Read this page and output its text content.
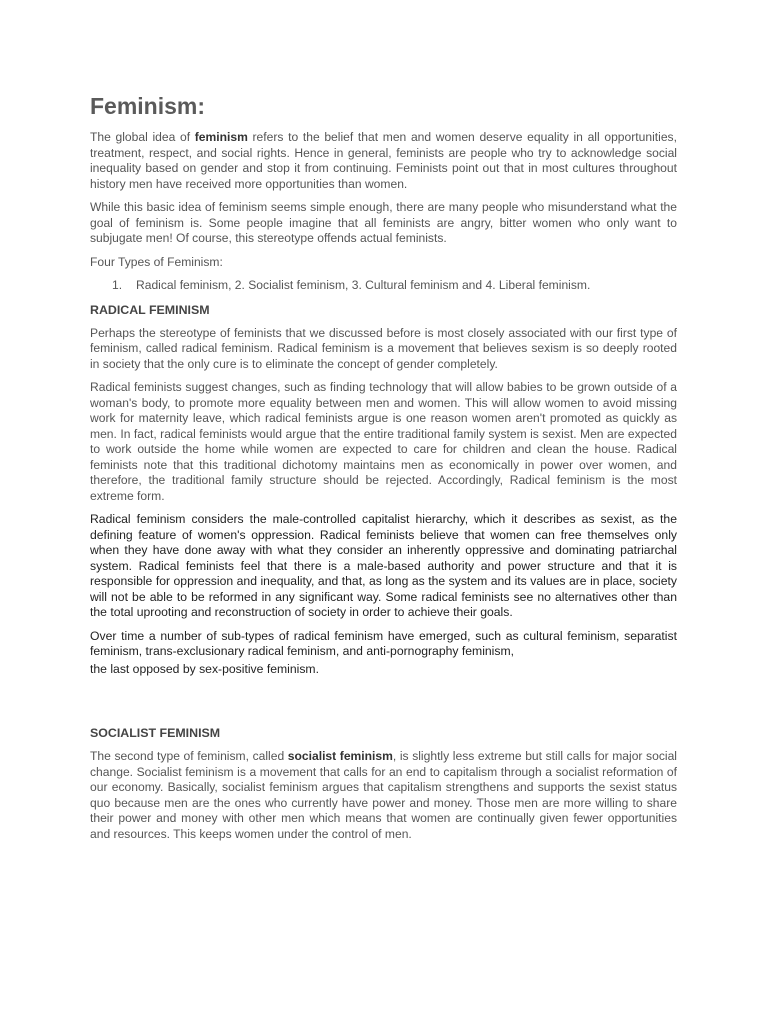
Feminism:

The global idea of feminism refers to the belief that men and women deserve equality in all opportunities, treatment, respect, and social rights. Hence in general, feminists are people who try to acknowledge social inequality based on gender and stop it from continuing. Feminists point out that in most cultures throughout history men have received more opportunities than women.

While this basic idea of feminism seems simple enough, there are many people who misunderstand what the goal of feminism is. Some people imagine that all feminists are angry, bitter women who only want to subjugate men! Of course, this stereotype offends actual feminists.

Four Types of Feminism:

1. Radical feminism, 2. Socialist feminism, 3. Cultural feminism and 4. Liberal feminism.
RADICAL FEMINISM

Perhaps the stereotype of feminists that we discussed before is most closely associated with our first type of feminism, called radical feminism. Radical feminism is a movement that believes sexism is so deeply rooted in society that the only cure is to eliminate the concept of gender completely.

Radical feminists suggest changes, such as finding technology that will allow babies to be grown outside of a woman's body, to promote more equality between men and women. This will allow women to avoid missing work for maternity leave, which radical feminists argue is one reason women aren't promoted as quickly as men. In fact, radical feminists would argue that the entire traditional family system is sexist. Men are expected to work outside the home while women are expected to care for children and clean the house. Radical feminists note that this traditional dichotomy maintains men as economically in power over women, and therefore, the traditional family structure should be rejected. Accordingly, Radical feminism is the most extreme form.

Radical feminism considers the male-controlled capitalist hierarchy, which it describes as sexist, as the defining feature of women's oppression. Radical feminists believe that women can free themselves only when they have done away with what they consider an inherently oppressive and dominating patriarchal system. Radical feminists feel that there is a male-based authority and power structure and that it is responsible for oppression and inequality, and that, as long as the system and its values are in place, society will not be able to be reformed in any significant way. Some radical feminists see no alternatives other than the total uprooting and reconstruction of society in order to achieve their goals.

Over time a number of sub-types of radical feminism have emerged, such as cultural feminism, separatist feminism, trans-exclusionary radical feminism, and anti-pornography feminism,
the last opposed by sex-positive feminism.

SOCIALIST FEMINISM

The second type of feminism, called socialist feminism, is slightly less extreme but still calls for major social change. Socialist feminism is a movement that calls for an end to capitalism through a socialist reformation of our economy. Basically, socialist feminism argues that capitalism strengthens and supports the sexist status quo because men are the ones who currently have power and money. Those men are more willing to share their power and money with other men which means that women are continually given fewer opportunities and resources. This keeps women under the control of men.
